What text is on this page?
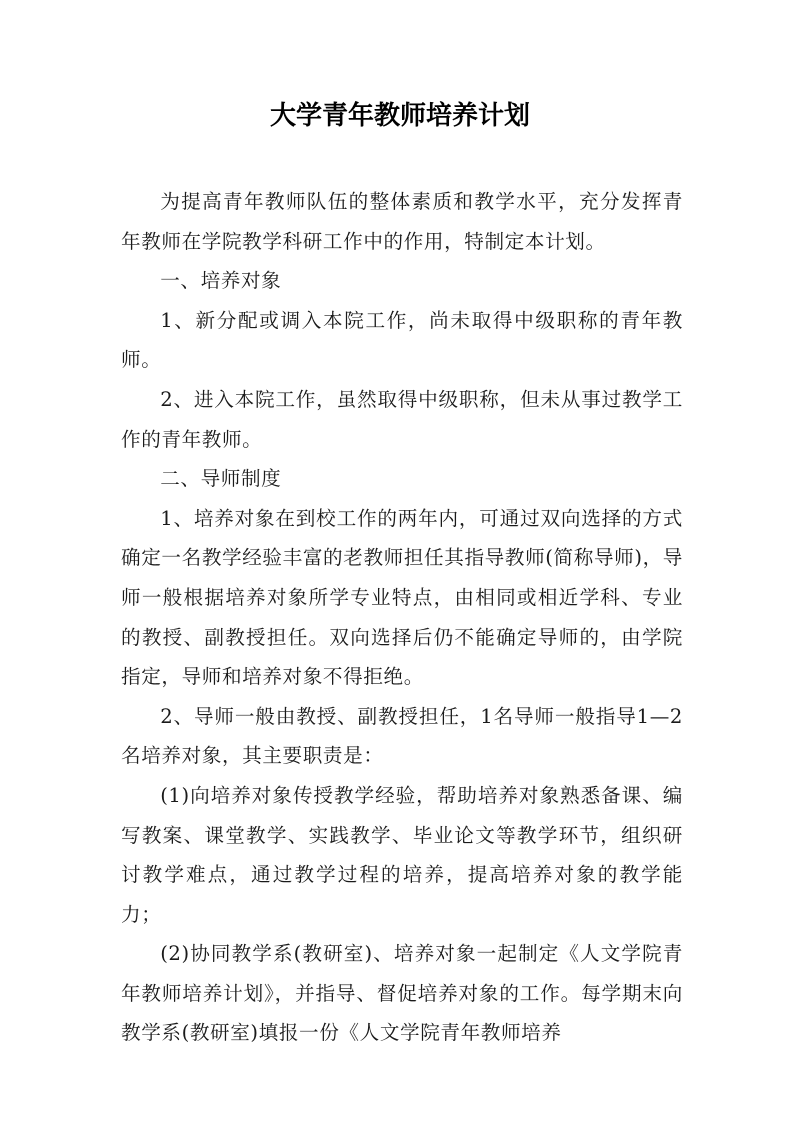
大学青年教师培养计划

为提高青年教师队伍的整体素质和教学水平，充分发挥青年教师在学院教学科研工作中的作用，特制定本计划。

一、培养对象

1、新分配或调入本院工作，尚未取得中级职称的青年教师。

2、进入本院工作，虽然取得中级职称，但未从事过教学工作的青年教师。

二、导师制度

1、培养对象在到校工作的两年内，可通过双向选择的方式确定一名教学经验丰富的老教师担任其指导教师(简称导师)，导师一般根据培养对象所学专业特点，由相同或相近学科、专业的教授、副教授担任。双向选择后仍不能确定导师的，由学院指定，导师和培养对象不得拒绝。

2、导师一般由教授、副教授担任，1名导师一般指导1—2名培养对象，其主要职责是：

(1)向培养对象传授教学经验，帮助培养对象熟悉备课、编写教案、课堂教学、实践教学、毕业论文等教学环节，组织研讨教学难点，通过教学过程的培养，提高培养对象的教学能力；

(2)协同教学系(教研室)、培养对象一起制定《人文学院青年教师培养计划》，并指导、督促培养对象的工作。每学期末向教学系(教研室)填报一份《人文学院青年教师培养
